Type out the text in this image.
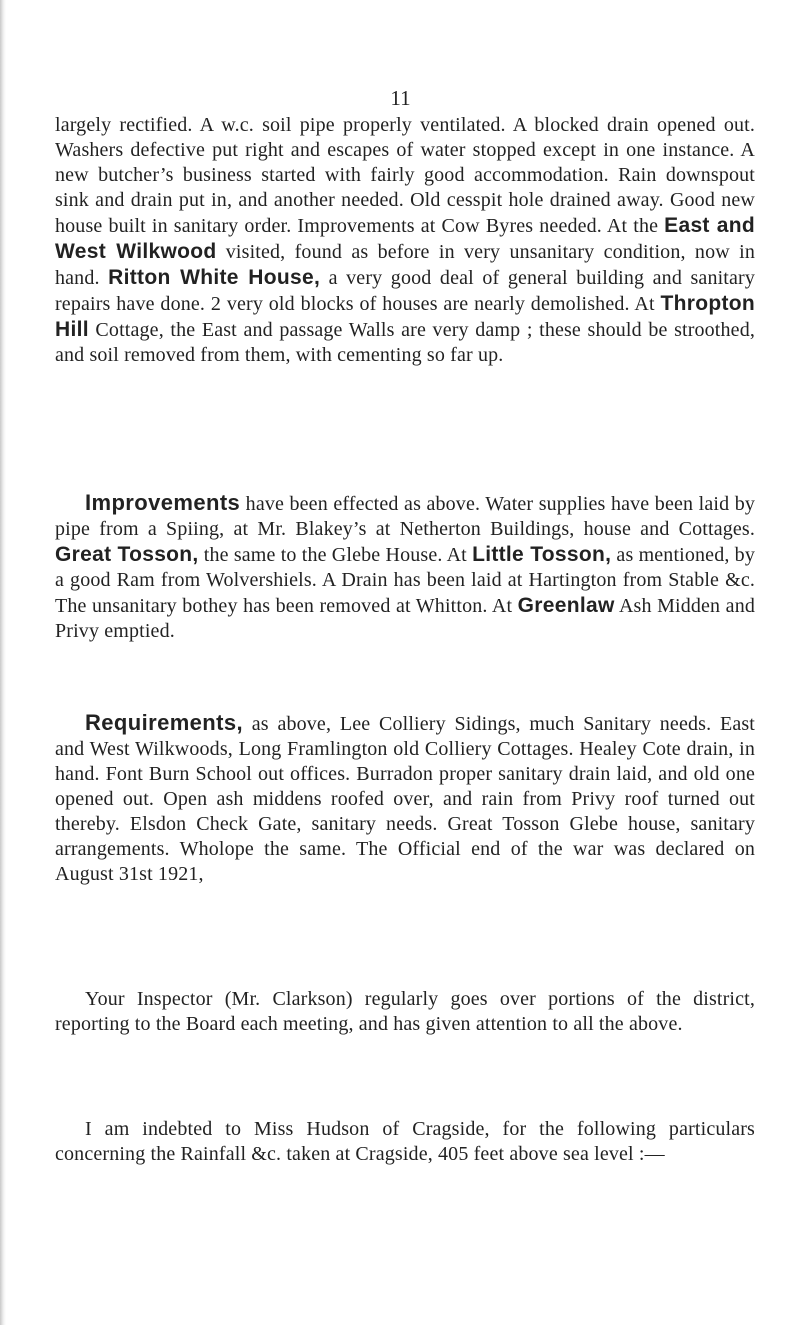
11

largely rectified. A w.c. soil pipe properly ventilated. A blocked drain opened out. Washers defective put right and escapes of water stopped except in one instance. A new butcher’s business started with fairly good accommodation. Rain downspout sink and drain put in, and another needed. Old cesspit hole drained away. Good new house built in sanitary order. Improvements at Cow Byres needed. At the East and West Wilkwood visited, found as before in very unsanitary condition, now in hand. Ritton White House, a very good deal of general building and sanitary repairs have done. 2 very old blocks of houses are nearly demolished. At Thropton Hill Cottage, the East and passage Walls are very damp ; these should be stroothed, and soil removed from them, with cementing so far up.

Improvements have been effected as above. Water supplies have been laid by pipe from a Spiing, at Mr. Blakey’s at Netherton Buildings, house and Cottages. Great Tosson, the same to the Glebe House. At Little Tosson, as mentioned, by a good Ram from Wolvershiels. A Drain has been laid at Hartington from Stable &c. The unsanitary bothey has been removed at Whitton. At Greenlaw Ash Midden and Privy emptied.

Requirements, as above, Lee Colliery Sidings, much Sanitary needs. East and West Wilkwoods, Long Framlington old Colliery Cottages. Healey Cote drain, in hand. Font Burn School out offices. Burradon proper sanitary drain laid, and old one opened out. Open ash middens roofed over, and rain from Privy roof turned out thereby. Elsdon Check Gate, sanitary needs. Great Tosson Glebe house, sanitary arrangements. Wholope the same. The Official end of the war was declared on August 31st 1921,

Your Inspector (Mr. Clarkson) regularly goes over portions of the district, reporting to the Board each meeting, and has given attention to all the above.

I am indebted to Miss Hudson of Cragside, for the following particulars concerning the Rainfall &c. taken at Cragside, 405 feet above sea level :—
